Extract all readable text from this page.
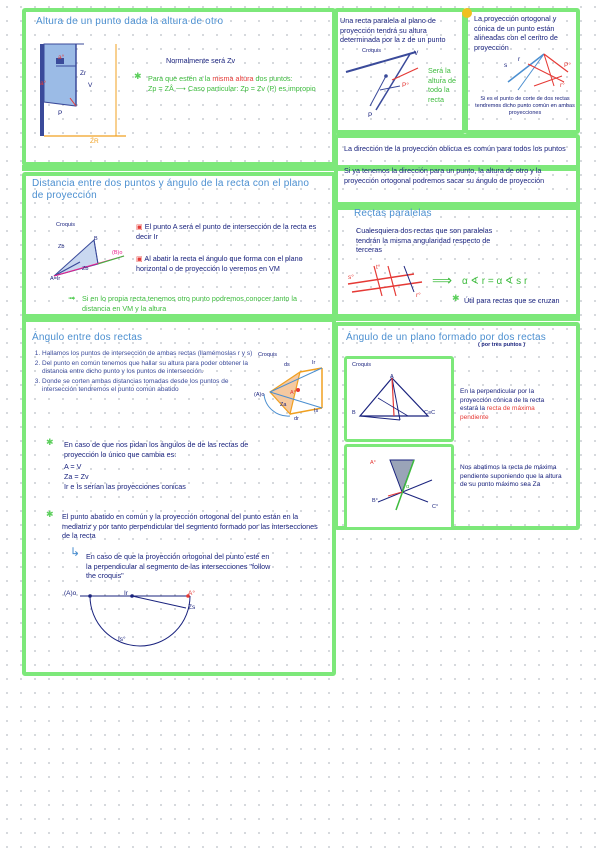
Altura de un punto dada la altura de otro
a°
a°	V
Zr
P
Z̄R
Normalmente será Zv
✱ Para que estén a la misma altura dos puntos:
Zp = ZÂ ⟶ Caso particular: Zp = Zv (P) es impropio
Una recta paralela al plano de proyección tendrá su altura determinada por la z de un punto
Croquis	V
P°
P
Será la altura de todo la recta
La proyección ortogonal y cónica de un punto están alineadas con el centro de proyección
s
r
P°
r°
Si es el punto de corte de dos rectas tendremos dicho punto común en ambas proyecciones
La dirección de la proyección oblicua es común para todos los puntos
Si ya tenemos la dirección para un punto, la altura de otro y la proyección ortogonal podremos sacar su ángulo de proyección
Distancia entre dos puntos y ángulo de la recta con el plano de proyección
Croquis
Zb
B
(B)o
Zb
A=Ir
▣ El punto A será el punto de intersección de la recta es decir Ir
▣ Al abatir la recta el ángulo que forma con el plano horizontal o de proyección lo veremos en VM
➟ Si en lo propia recta tenemos otro punto podremos conocer tanto la distancia en VM y la altura
Rectas paralelas
Cualesquiera dos rectas que son paralelas tendrán la misma angularidad respecto de terceras
t°
s°
r°
⟹ α ∢ r = α ∢ s r
✱ Útil para rectas que se cruzan
Ángulo entre dos rectas
1. Hallamos los puntos de intersección de ambas rectas (llamémoslas r y s)
2. Del punto en común tenemos que hallar su altura para poder obtener la distancia entre dicho punto y los puntos de intersección.
3. Donde se corten ambas distancias tomadas desde los puntos de intersección tendremos el punto común abatido
Croquis
ds	Ir
(A)o	A°
Za
dr
Is
✱ En caso de que nos pidan los ángulos de de las rectas de proyección lo único que cambia es:
A = V
Za = Zv
Ir e Is serían las proyecciones conicas
✱ El punto abatido en común y la proyección ortogonal del punto están en la mediatriz y por tanto perpendicular del segmento formado por las intersecciones de la recta
↳ En caso de que la proyección ortogonal del punto esté en la perpendicular al segmento de las intersecciones "follow the croquis"
(A)o	Ir	A°
Zs
Is°
Ángulo de un plano formado por dos rectas
( por tres puntos )
Croquis
A
B	C≡C
En la perpendicular por la proyección cónica de la recta estará la recta de máxima pendiente
A°
B°
C°
α
Nos abatimos la recta de máxima pendiente suponiendo que la altura de su punto máximo sea Za
